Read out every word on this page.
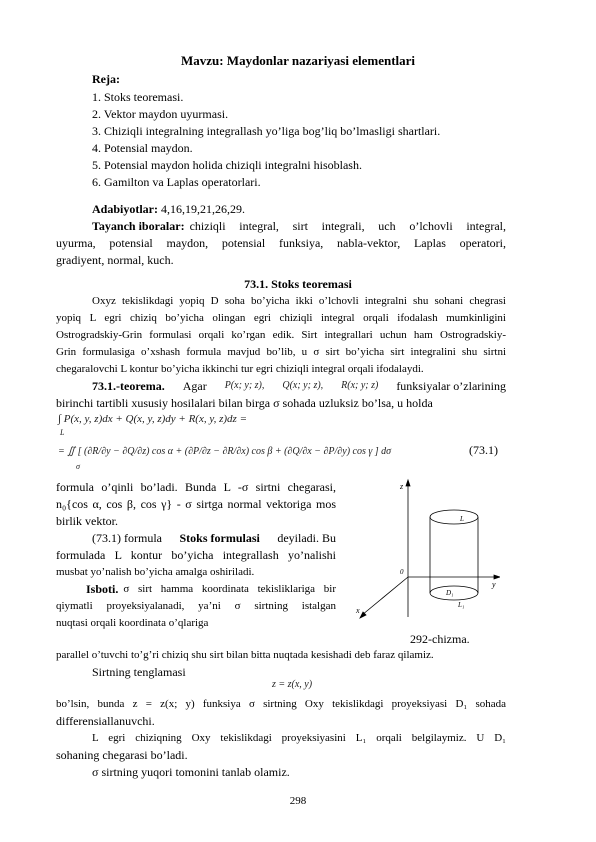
Mavzu: Maydonlar nazariyasi elementlari
Reja:
1. Stoks teoremasi.
2. Vektor maydon uyurmasi.
3. Chiziqli integralning integrallash yo’liga bog’liq bo’lmasligi shartlari.
4. Potensial maydon.
5. Potensial maydon holida chiziqli integralni hisoblash.
6. Gamilton va Laplas operatorlari.
Adabiyotlar: 4,16,19,21,26,29.
Tayanch iboralar: chiziqli integral, sirt integrali, uch o’lchovli integral,
uyurma, potensial maydon, potensial funksiya, nabla-vektor, Laplas operatori,
gradiyent, normal, kuch.
73.1. Stoks teoremasi
Oxyz tekislikdagi yopiq D soha bo’yicha ikki o’lchovli integralni shu sohani chegrasi
yopiq L egri chiziq bo’yicha olingan egri chiziqli integral orqali ifodalash mumkinligini
Ostrogradskiy-Grin formulasi orqali ko’rgan edik. Sirt integrallari uchun ham Ostrogradskiy-
Grin formulasiga o’xshash formula mavjud bo’lib, u σ sirt bo’yicha sirt integralini shu sirtni
chegaralovchi L kontur bo’yicha ikkinchi tur egri chiziqli integral orqali ifodalaydi.
73.1.-teorema. Agar P(x; y; z), Q(x; y; z), R(x; y; z) funksiyalar o’zlarining
birinchi tartibli xususiy hosilalari bilan birga σ sohada uzluksiz bo’lsa, u holda
∫ P(x, y, z)dx + Q(x, y, z)dy + R(x, y, z)dz =
L
= ∬ [ (∂R/∂y − ∂Q/∂z) cos α + (∂P/∂z − ∂R/∂x) cos β + (∂Q/∂x − ∂P/∂y) cos γ ] dσ
σ
(73.1)
formula o’qinli bo’ladi. Bunda L -σ sirtni chegarasi,
n₀{cos α, cos β, cos γ} - σ sirtga normal vektoriga mos
birlik vektor.
(73.1) formula Stoks formulasi deyiladi. Bu
formulada L kontur bo’yicha integrallash yo’nalishi
musbat yo’nalish bo’yicha amalga oshiriladi.
Isboti. σ sirt hamma koordinata tekisliklariga bir
qiymatli proyeksiyalanadi, ya’ni σ sirtning istalgan
nuqtasi orqali koordinata o’qlariga
z
y
x
0
L
D₁
L₁
292-chizma.
parallel o’tuvchi to’g’ri chiziq shu sirt bilan bitta nuqtada kesishadi deb faraz qilamiz.
Sirtning tenglamasi
z = z(x, y)
bo’lsin, bunda z = z(x; y) funksiya σ sirtning Oxy tekislikdagi proyeksiyasi D₁ sohada
differensiallanuvchi.
L egri chiziqning Oxy tekislikdagi proyeksiyasini L₁ orqali belgilaymiz. U D₁
sohaning chegarasi bo’ladi.
σ sirtning yuqori tomonini tanlab olamiz.
298
